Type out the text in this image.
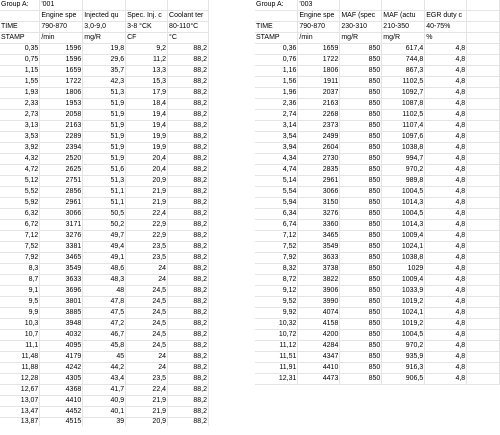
Group A:	'001			
	Engine spe	Injected qu	Spec. Inj. c	Coolant ter
TIME	790-870	3,0-9,0	3-8 °CK	80-110°C
STAMP	/min	mg/R	CF	°C
0,35	1596	19,8	9,2	88,2
0,75	1596	29,6	11,2	88,2
1,15	1659	35,7	13,3	88,2
1,55	1722	42,3	15,3	88,2
1,93	1806	51,3	17,9	88,2
2,33	1953	51,9	18,4	88,2
2,73	2058	51,9	19,4	88,2
3,13	2163	51,9	19,4	88,2
3,53	2289	51,9	19,9	88,2
3,92	2394	51,9	19,9	88,2
4,32	2520	51,9	20,4	88,2
4,72	2625	51,6	20,4	88,2
5,12	2751	51,3	20,9	88,2
5,52	2856	51,1	21,9	88,2
5,92	2961	51,1	21,9	88,2
6,32	3066	50,5	22,4	88,2
6,72	3171	50,2	22,9	88,2
7,12	3276	49,7	22,9	88,2
7,52	3381	49,4	23,5	88,2
7,92	3465	49,1	23,5	88,2
8,3	3549	48,6	24	88,2
8,7	3633	48,3	24	88,2
9,1	3696	48	24,5	88,2
9,5	3801	47,8	24,5	88,2
9,9	3885	47,5	24,5	88,2
10,3	3948	47,2	24,5	88,2
10,7	4032	46,7	24,5	88,2
11,1	4095	45,8	24,5	88,2
11,48	4179	45	24	88,2
11,88	4242	44,2	24	88,2
12,28	4305	43,4	23,5	88,2
12,67	4368	41,7	22,4	88,2
13,07	4410	40,9	21,9	88,2
13,47	4452	40,1	21,9	88,2
13,87	4515	39	20,9	88,2
Group A:	'003				
	Engine spe	MAF (spec	MAF (actu	EGR duty c	
TIME	790-870	230-310	210-350	40-75%	
STAMP	/min	mg/R	mg/R	%	
0,36	1659	850	617,4	4,8	
0,76	1722	850	744,8	4,8	
1,16	1806	850	867,3	4,8	
1,56	1911	850	1102,5	4,8	
1,96	2037	850	1092,7	4,8	
2,36	2163	850	1087,8	4,8	
2,74	2268	850	1102,5	4,8	
3,14	2373	850	1107,4	4,8	
3,54	2499	850	1097,6	4,8	
3,94	2604	850	1038,8	4,8	
4,34	2730	850	994,7	4,8	
4,74	2835	850	970,2	4,8	
5,14	2961	850	989,8	4,8	
5,54	3066	850	1004,5	4,8	
5,94	3150	850	1014,3	4,8	
6,34	3276	850	1004,5	4,8	
6,74	3360	850	1014,3	4,8	
7,12	3465	850	1009,4	4,8	
7,52	3549	850	1024,1	4,8	
7,92	3633	850	1038,8	4,8	
8,32	3738	850	1029	4,8	
8,72	3822	850	1009,4	4,8	
9,12	3906	850	1033,9	4,8	
9,52	3990	850	1019,2	4,8	
9,92	4074	850	1024,1	4,8	
10,32	4158	850	1019,2	4,8	
10,72	4200	850	1004,5	4,8	
11,12	4284	850	970,2	4,8	
11,51	4347	850	935,9	4,8	
11,91	4410	850	916,3	4,8	
12,31	4473	850	906,5	4,8	
